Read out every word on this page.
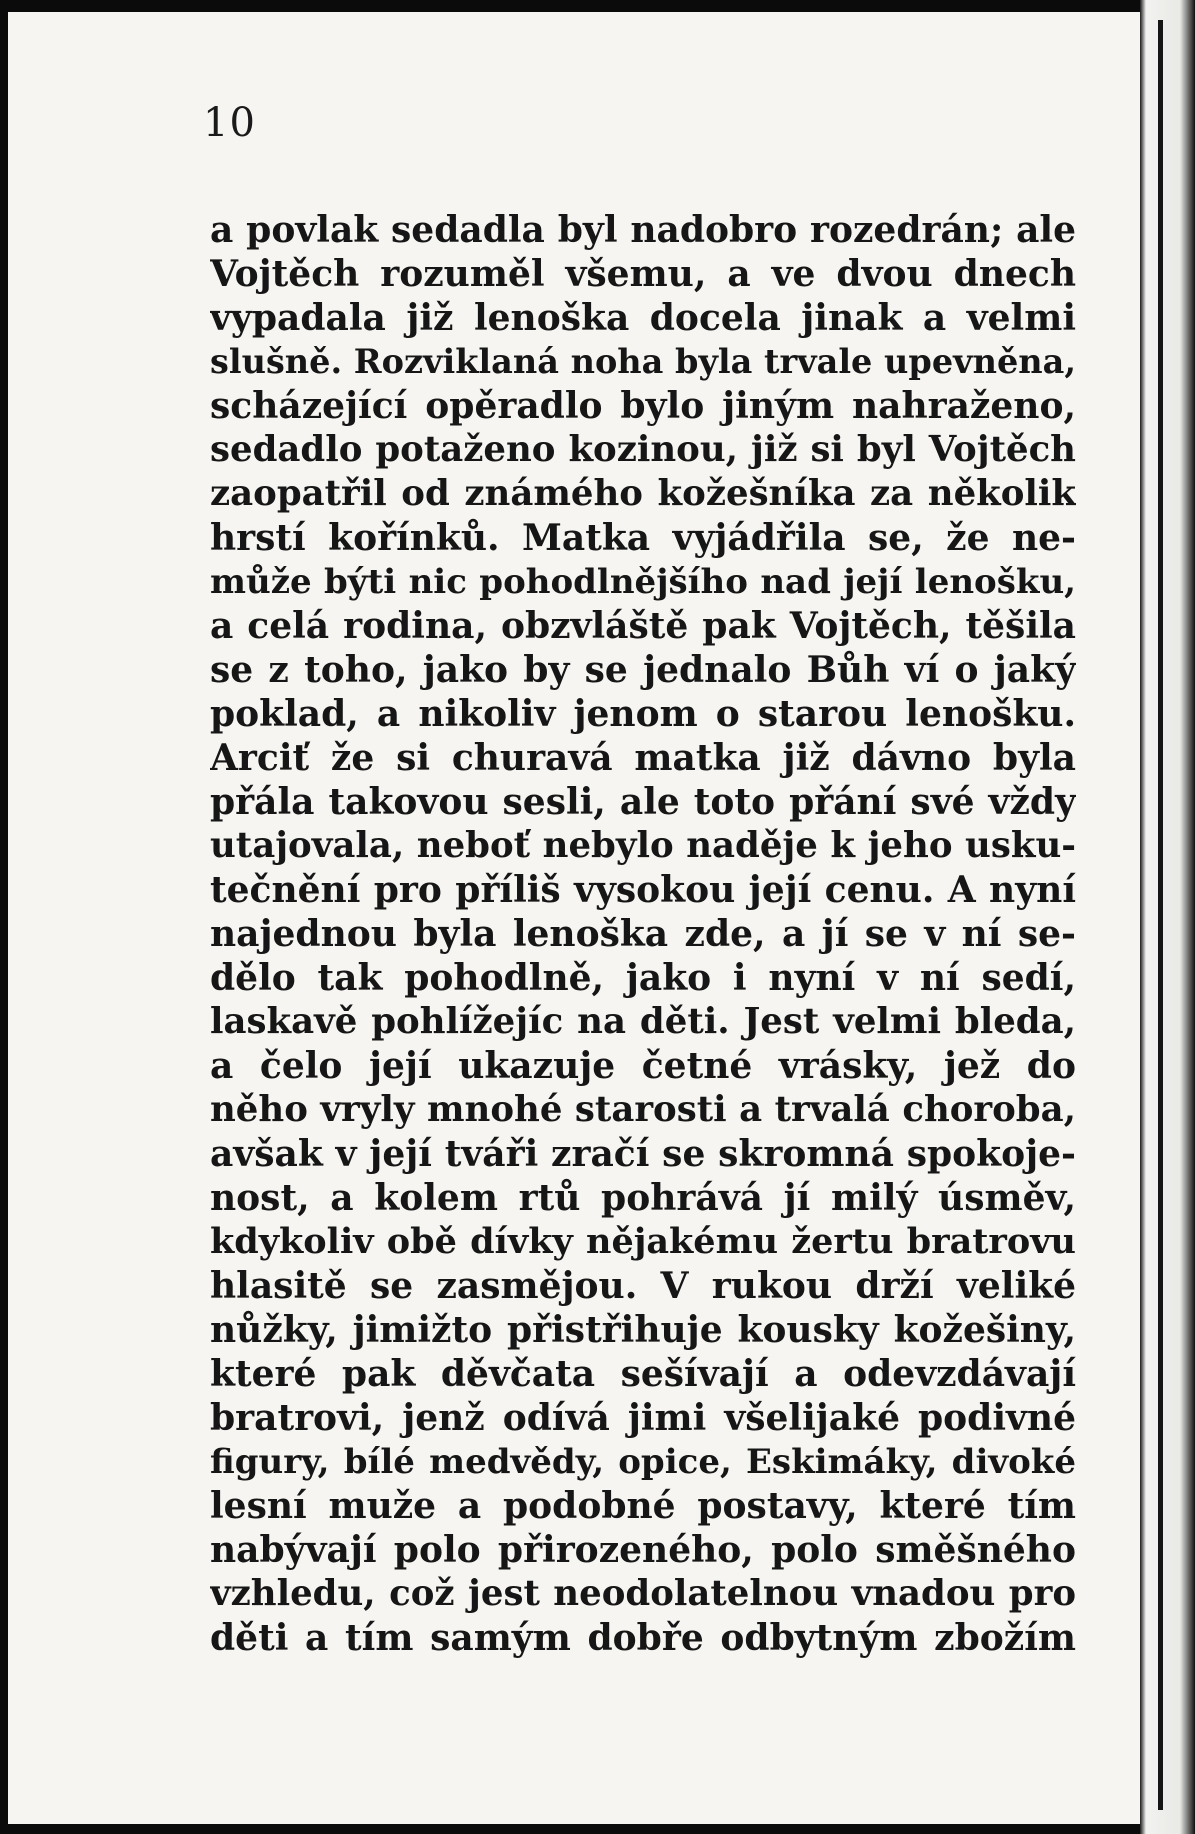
10
a povlak sedadla byl nadobro rozedrán; ale
Vojtěch rozuměl všemu, a ve dvou dnech
vypadala již lenoška docela jinak a velmi
slušně. Rozviklaná noha byla trvale upevněna,
scházející opěradlo bylo jiným nahraženo,
sedadlo potaženo kozinou, již si byl Vojtěch
zaopatřil od známého kožešníka za několik
hrstí kořínků. Matka vyjádřila se, že ne-
může býti nic pohodlnějšího nad její lenošku,
a celá rodina, obzvláště pak Vojtěch, těšila
se z toho, jako by se jednalo Bůh ví o jaký
poklad, a nikoliv jenom o starou lenošku.
Arciť že si churavá matka již dávno byla
přála takovou sesli, ale toto přání své vždy
utajovala, neboť nebylo naděje k jeho usku-
tečnění pro příliš vysokou její cenu. A nyní
najednou byla lenoška zde, a jí se v ní se-
dělo tak pohodlně, jako i nyní v ní sedí,
laskavě pohlížejíc na děti. Jest velmi bleda,
a čelo její ukazuje četné vrásky, jež do
něho vryly mnohé starosti a trvalá choroba,
avšak v její tváři zračí se skromná spokoje-
nost, a kolem rtů pohrává jí milý úsměv,
kdykoliv obě dívky nějakému žertu bratrovu
hlasitě se zasmějou. V rukou drží veliké
nůžky, jimižto přistřihuje kousky kožešiny,
které pak děvčata sešívají a odevzdávají
bratrovi, jenž odívá jimi všelijaké podivné
figury, bílé medvědy, opice, Eskimáky, divoké
lesní muže a podobné postavy, které tím
nabývají polo přirozeného, polo směšného
vzhledu, což jest neodolatelnou vnadou pro
děti a tím samým dobře odbytným zbožím
